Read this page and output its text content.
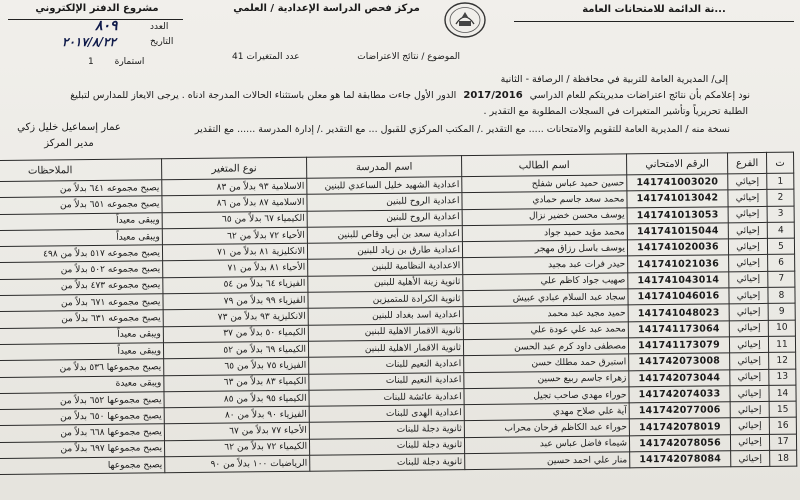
...نة الدائمة للامتحانات العامة
مركز فحص الدراسة الإعدادية / العلمي
مشروع الدفتر الإلكتروني
العدد
٨٠٩
التاريخ
٢٠١٧/٨/٢٢
الموضوع / نتائج الاعتراضات
عدد المتغيرات 41
استمارة 1
إلى/ المديرية العامة للتربية في محافظة / الرصافة - الثانية
نود إعلامكم بأن نتائج اعتراضات مديريتكم للعام الدراسي 2017/2016 الدور الأول جاءت مطابقة لما هو معلن باستثناء الحالات المدرجة ادناه . يرجى الايعاز للمدارس لتبليغ
الطلبة تحريرياً وتأشير المتغيرات في السجلات المطلوبة مع التقدير .
نسخة منه / المديرية العامة للتقويم والامتحانات ..... مع التقدير ./ المكتب المركزي للقبول ... مع التقدير ./ إدارة المدرسة ...... مع التقدير
عمار إسماعيل خليل زكي
مدير المركز
ت	الفرع	الرقم الامتحاني	اسم الطالب	اسم المدرسة	نوع المتغير	الملاحظات
1	إحيائي	141741003020	حسين حميد عباس شفلح	اعدادية الشهيد خليل الساعدي للبنين	الاسلامية ٩٣ بدلاً من ٨٣	يصبح مجموعه ٦٤١ بدلاً من
2	إحيائي	141741013042	محمد سعد جاسم حمادي	اعدادية الروح للبنين	الاسلامية ٨٧ بدلاً من ٨٦	يصبح مجموعه ٦٥١ بدلاً من
3	إحيائي	141741013053	يوسف محسن خضير نزال	اعدادية الروح للبنين	الكيمياء ٦٧ بدلاً من ٦٥	ويبقى معيداً
4	إحيائي	141741015044	محمد مؤيد حميد جواد	اعدادية سعد بن أبي وقاص للبنين	الأحياء ٧٢ بدلاً من ٦٢	ويبقى معيداً
5	إحيائي	141741020036	يوسف باسل رزاق مهجر	اعدادية طارق بن زياد للبنين	الانكليزية ٨١ بدلاً من ٧١	يصبح مجموعه ٥١٧ بدلاً من ٤٩٨
6	إحيائي	141741021036	حيدر فرات عبد مجيد	الاعدادية النظامية للبنين	الأحياء ٨١ بدلاً من ٧١	يصبح مجموعه ٥٠٢ بدلاً من
7	إحيائي	141741043014	صهيب جواد كاظم علي	ثانوية زينة الأهلية للبنين	الفيزياء ٦٤ بدلاً من ٥٤	يصبح مجموعه ٤٧٣ بدلاً من
8	إحيائي	141741046016	سجاد عبد السلام عبادي عبيش	ثانوية الكرادة للمتميزين	الفيزياء ٩٩ بدلاً من ٧٩	يصبح مجموعه ٦٧١ بدلاً من
9	إحيائي	141741048023	حميد مجيد عبد محمد	اعدادية اسد بغداد للبنين	الانكليزية ٩٣ بدلاً من ٧٣	يصبح مجموعه ٦٣١ بدلاً من
10	إحيائي	141741173064	محمد عبد علي عودة علي	ثانوية الاقمار الاهلية للبنين	الكيمياء ٥٠ بدلاً من ٣٧	ويبقى معيداً
11	إحيائي	141741173079	مصطفى داود كرم عبد الحسن	ثانوية الاقمار الاهلية للبنين	الكيمياء ٦٩ بدلاً من ٥٢	ويبقى معيداً
12	إحيائي	141742073008	استبرق حمد مطلك حسن	اعدادية النعيم للبنات	الفيزياء ٧٥ بدلاً من ٦٥	يصبح مجموعها ٥٣٦ بدلاً من
13	إحيائي	141742073044	زهراء جاسم ربيع حسين	اعدادية النعيم للبنات	الكيمياء ٨٣ بدلاً من ٦٣	ويبقى معيدة
14	إحيائي	141742074033	حوراء مهدي صاحب تجيل	اعدادية عائشة للبنات	الكيمياء ٩٥ بدلاً من ٨٥	يصبح مجموعها ٦٥٢ بدلاً من
15	إحيائي	141742077006	آية علي صلاح مهدي	اعدادية الهدى للبنات	الفيزياء ٩٠ بدلاً من ٨٠	يصبح مجموعها ٦٥٠ بدلاً من
16	إحيائي	141742078019	حوراء عبد الكاظم فرحان محراب	ثانوية دجلة للبنات	الأحياء ٧٧ بدلاً من ٦٧	يصبح مجموعها ٦٦٨ بدلاً من
17	إحيائي	141742078056	شيماء فاضل عباس عبد	ثانوية دجلة للبنات	الكيمياء ٧٢ بدلاً من ٦٢	يصبح مجموعها ٦٩٧ بدلاً من
18	إحيائي	141742078084	منار علي احمد حسين	ثانوية دجلة للبنات	الرياضيات ١٠٠ بدلاً من ٩٠	يصبح مجموعها
